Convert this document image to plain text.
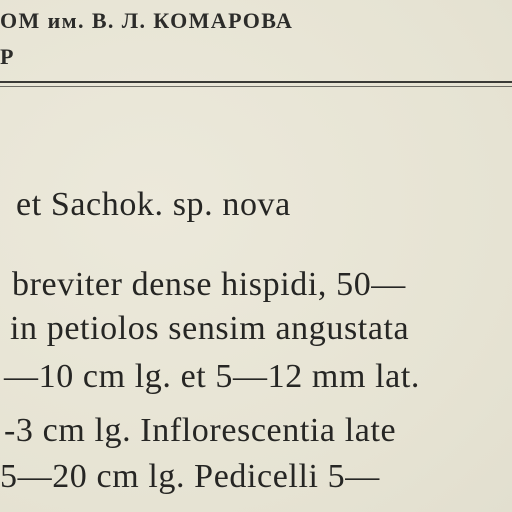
ОМ им. В. Л. КОМАРОВА
Р
et Sachok. sp. nova
breviter dense hispidi, 50—
in petiolos sensim angustata
—10 cm lg. et 5—12 mm lat.
-3 cm lg. Inflorescentia late
5—20 cm lg. Pedicelli 5—
